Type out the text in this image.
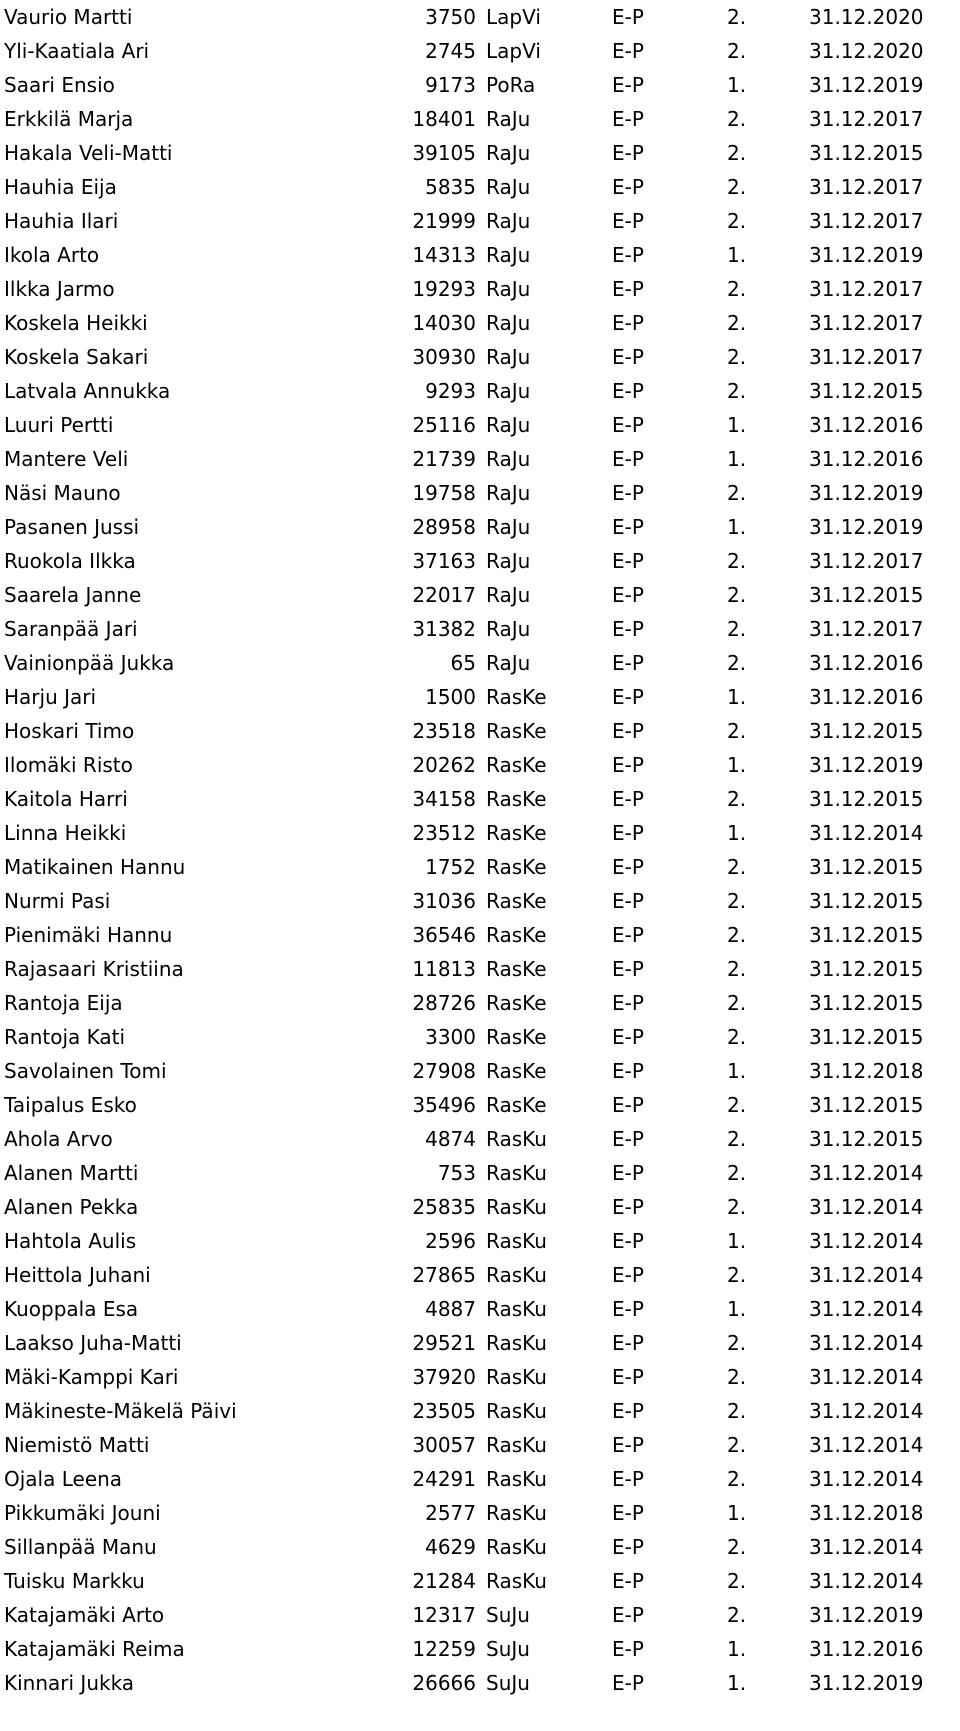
Vaurio Martti	3750 LapVi	E-P	2.	31.12.2020
Yli-Kaatiala Ari	2745 LapVi	E-P	2.	31.12.2020
Saari Ensio	9173 PoRa	E-P	1.	31.12.2019
Erkkilä Marja	18401 RaJu	E-P	2.	31.12.2017
Hakala Veli-Matti	39105 RaJu	E-P	2.	31.12.2015
Hauhia Eija	5835 RaJu	E-P	2.	31.12.2017
Hauhia Ilari	21999 RaJu	E-P	2.	31.12.2017
Ikola Arto	14313 RaJu	E-P	1.	31.12.2019
Ilkka Jarmo	19293 RaJu	E-P	2.	31.12.2017
Koskela Heikki	14030 RaJu	E-P	2.	31.12.2017
Koskela Sakari	30930 RaJu	E-P	2.	31.12.2017
Latvala Annukka	9293 RaJu	E-P	2.	31.12.2015
Luuri Pertti	25116 RaJu	E-P	1.	31.12.2016
Mantere Veli	21739 RaJu	E-P	1.	31.12.2016
Näsi Mauno	19758 RaJu	E-P	2.	31.12.2019
Pasanen Jussi	28958 RaJu	E-P	1.	31.12.2019
Ruokola Ilkka	37163 RaJu	E-P	2.	31.12.2017
Saarela Janne	22017 RaJu	E-P	2.	31.12.2015
Saranpää Jari	31382 RaJu	E-P	2.	31.12.2017
Vainionpää Jukka	65 RaJu	E-P	2.	31.12.2016
Harju Jari	1500 RasKe	E-P	1.	31.12.2016
Hoskari Timo	23518 RasKe	E-P	2.	31.12.2015
Ilomäki Risto	20262 RasKe	E-P	1.	31.12.2019
Kaitola Harri	34158 RasKe	E-P	2.	31.12.2015
Linna Heikki	23512 RasKe	E-P	1.	31.12.2014
Matikainen Hannu	1752 RasKe	E-P	2.	31.12.2015
Nurmi Pasi	31036 RasKe	E-P	2.	31.12.2015
Pienimäki Hannu	36546 RasKe	E-P	2.	31.12.2015
Rajasaari Kristiina	11813 RasKe	E-P	2.	31.12.2015
Rantoja Eija	28726 RasKe	E-P	2.	31.12.2015
Rantoja Kati	3300 RasKe	E-P	2.	31.12.2015
Savolainen Tomi	27908 RasKe	E-P	1.	31.12.2018
Taipalus Esko	35496 RasKe	E-P	2.	31.12.2015
Ahola Arvo	4874 RasKu	E-P	2.	31.12.2015
Alanen Martti	753 RasKu	E-P	2.	31.12.2014
Alanen Pekka	25835 RasKu	E-P	2.	31.12.2014
Hahtola Aulis	2596 RasKu	E-P	1.	31.12.2014
Heittola Juhani	27865 RasKu	E-P	2.	31.12.2014
Kuoppala Esa	4887 RasKu	E-P	1.	31.12.2014
Laakso Juha-Matti	29521 RasKu	E-P	2.	31.12.2014
Mäki-Kamppi Kari	37920 RasKu	E-P	2.	31.12.2014
Mäkineste-Mäkelä Päivi	23505 RasKu	E-P	2.	31.12.2014
Niemistö Matti	30057 RasKu	E-P	2.	31.12.2014
Ojala Leena	24291 RasKu	E-P	2.	31.12.2014
Pikkumäki Jouni	2577 RasKu	E-P	1.	31.12.2018
Sillanpää Manu	4629 RasKu	E-P	2.	31.12.2014
Tuisku Markku	21284 RasKu	E-P	2.	31.12.2014
Katajamäki Arto	12317 SuJu	E-P	2.	31.12.2019
Katajamäki Reima	12259 SuJu	E-P	1.	31.12.2016
Kinnari Jukka	26666 SuJu	E-P	1.	31.12.2019
